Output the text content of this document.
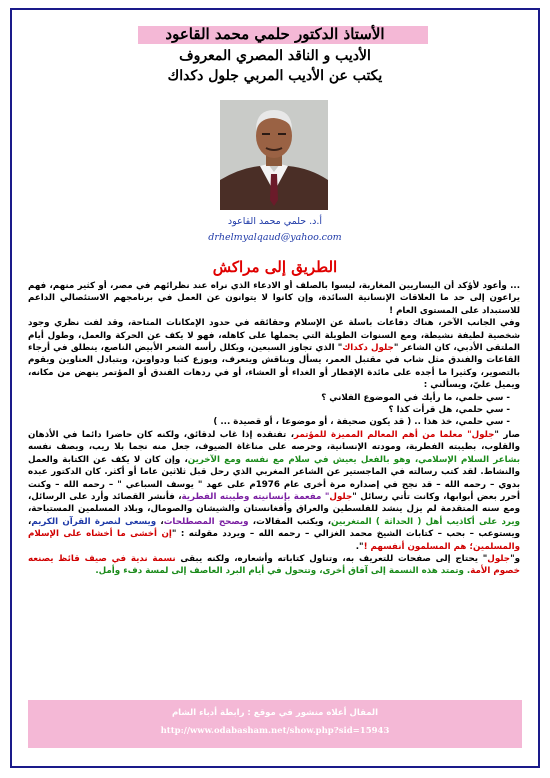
الأستاذ الدكتور حلمي محمد القاعود
الأديب و الناقد المصري المعروف
يكتب عن الأديب المربي جلول دكداك
أ.د. حلمي محمد القاعود
drhelmyalqaud@yahoo.com
الطريق إلى مراكش

... وأعود لأؤكد أن اليساريين المغاربة، ليسوا بالصلف أو الادعاء الذي نراه عند نظرائهم في مصر، أو كثير منهم، فهم يراعون إلى حد ما العلاقات الإنسانية السائدة، وإن كانوا لا يتوانون عن العمل في برنامجهم الاستئصالي الداعم للاستبداد على المستوى العام !

وفي الجانب الآخر، هناك دفاعات باسلة عن الإسلام وحقائقه في حدود الإمكانات المتاحة، وقد لفت نظري وجود شخصية لطيفة نشيطة، ومع السنوات الطويلة التي يحملها على كاهله، فهو لا يكف عن الحركة والعمل، وطول أيام الملتقى الأدبي، كان الشاعر "جلول دكداك" الذي تجاوز السبعين، ويكلل رأسه الشعر الأبيض الناصع، ينطلق في أرجاء القاعات والفندق مثل شاب في مقتبل العمر، يسأل ويناقش ويتعرف، ويوزع كتبا ودواوين، ويتبادل العناوين ويقوم بالتصوير، وكثيرا ما أجده على مائدة الإفطار أو الغداء أو العشاء، أو في ردهات الفندق أو المؤتمر ينهض من مكانه، ويميل عليّ، ويسألني :

- سي حلمي، ما رأيك في الموضوع الفلاني ؟
- سي حلمي، هل قرأت كذا ؟
- سي حلمي، خذ هذا .. ( قد يكون صحيفة ، أو موضوعا ، أو قصيدة ... )

صار "جلول" معلما من أهم المعالم المميزة للمؤتمر، تفتقده إذا غاب لدقائق، ولكنه كان حاضرا دائما في الأذهان والقلوب، بطيبته الفطرية، ومودته الإنسانية، وحرصه على مناغاة الضيوف، جعل منه نجما بلا ريب، ويصف نفسه بشاعر السلام الإسلامي، وهو بالفعل يعيش في سلام مع نفسه ومع الآخرين، وإن كان لا يكف عن الكتابة والعمل والنشاط. لقد كتب رسالته في الماجستير عن الشاعر المغربي الذي رحل قبل ثلاثين عاما أو أكثر. كان الدكتور عبده بدوي – رحمه الله – قد نجح في إصداره مرة أخرى عام 1976م على عهد " يوسف السباعي " – رحمه الله – وكنت أحرر بعض أبوابها، وكانت تأتي رسائل "جلول" مفعمة بإنسانيته وطيبته الفطرية، فأنشر القصائد وأرد على الرسائل، ومع سنه المتقدمة لم يزل ينشد للفلسطين والعراق وأفغانستان والشيشان والصومال، وبلاد المسلمين المستباحة، ويرد على أكاذيب أهل ( الحداثة ) المتغربين، ويكتب المقالات، ويصحح المصطلحات، ويسعى لنصرة القرآن الكريم، ويستوعب – بحب – كتابات الشيخ محمد الغزالي – رحمه الله – ويردد مقولته : "إن أخشى ما أخشاه على الإسلام والمسلمين؛ هم المسلمون أنفسهم !".

و"جلول" يحتاج إلى صفحات للتعريف به، وتناول كتاباته وأشعاره، ولكنه يبقى نسمة ندية في صيف قائظ يصنعه خصوم الأمة. وتمتد هذه النسمة إلى آفاق أخرى، وتتحول في أيام البرد العاصف إلى لمسة دفء وأمل.

المقال أعلاه منشور في موقع : رابطة أدباء الشام
http://www.odabasham.net/show.php?sid=15943
